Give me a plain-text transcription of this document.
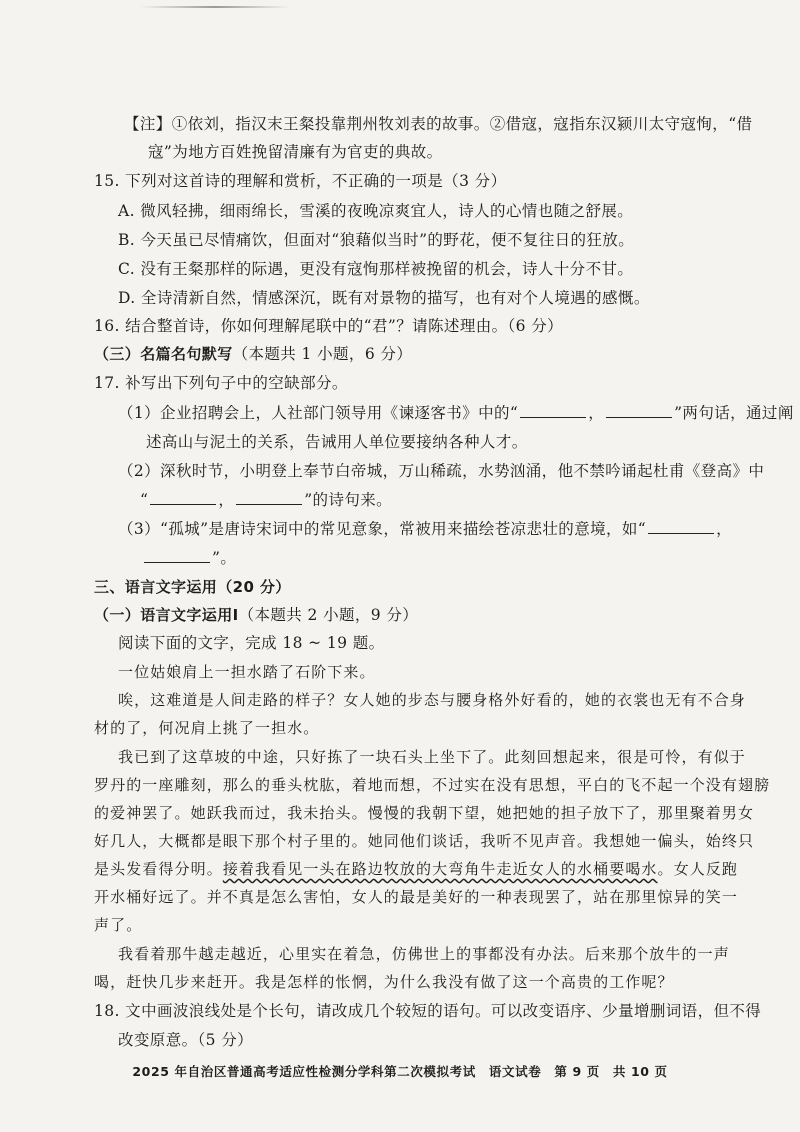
【注】①依刘，指汉末王粲投靠荆州牧刘表的故事。②借寇，寇指东汉颍川太守寇恂，“借
寇”为地方百姓挽留清廉有为官吏的典故。
15. 下列对这首诗的理解和赏析，不正确的一项是（3 分）
A. 微风轻拂，细雨绵长，雪溪的夜晚凉爽宜人，诗人的心情也随之舒展。
B. 今天虽已尽情痛饮，但面对“狼藉似当时”的野花，便不复往日的狂放。
C. 没有王粲那样的际遇，更没有寇恂那样被挽留的机会，诗人十分不甘。
D. 全诗清新自然，情感深沉，既有对景物的描写，也有对个人境遇的感慨。
16. 结合整首诗，你如何理解尾联中的“君”？请陈述理由。（6 分）
（三）名篇名句默写（本题共 1 小题，6 分）
17. 补写出下列句子中的空缺部分。
（1）企业招聘会上，人社部门领导用《谏逐客书》中的“	，	”两句话，通过阐
述高山与泥土的关系，告诫用人单位要接纳各种人才。
（2）深秋时节，小明登上奉节白帝城，万山稀疏，水势汹涌，他不禁吟诵起杜甫《登高》中
“	，	”的诗句来。
（3）“孤城”是唐诗宋词中的常见意象，常被用来描绘苍凉悲壮的意境，如“	，
”。
三、语言文字运用（20 分）
（一）语言文字运用Ⅰ（本题共 2 小题，9 分）
阅读下面的文字，完成 18 ~ 19 题。
一位姑娘肩上一担水踏了石阶下来。
唉，这难道是人间走路的样子？女人她的步态与腰身格外好看的，她的衣裳也无有不合身
材的了，何况肩上挑了一担水。
我已到了这草坡的中途，只好拣了一块石头上坐下了。此刻回想起来，很是可怜，有似于
罗丹的一座雕刻，那么的垂头枕肱，着地而想，不过实在没有思想，平白的飞不起一个没有翅膀
的爱神罢了。她跃我而过，我未抬头。慢慢的我朝下望，她把她的担子放下了，那里聚着男女
好几人，大概都是眼下那个村子里的。她同他们谈话，我听不见声音。我想她一偏头，始终只
是头发看得分明。接着我看见一头在路边牧放的大弯角牛走近女人的水桶要喝水。女人反跑
开水桶好远了。并不真是怎么害怕，女人的最是美好的一种表现罢了，站在那里惊异的笑一
声了。
我看着那牛越走越近，心里实在着急，仿佛世上的事都没有办法。后来那个放牛的一声
喝，赶快几步来赶开。我是怎样的怅惘，为什么我没有做了这一个高贵的工作呢？
18. 文中画波浪线处是个长句，请改成几个较短的语句。可以改变语序、少量增删词语，但不得
改变原意。（5 分）
2025 年自治区普通高考适应性检测分学科第二次模拟考试　语文试卷　第 9 页　共 10 页
